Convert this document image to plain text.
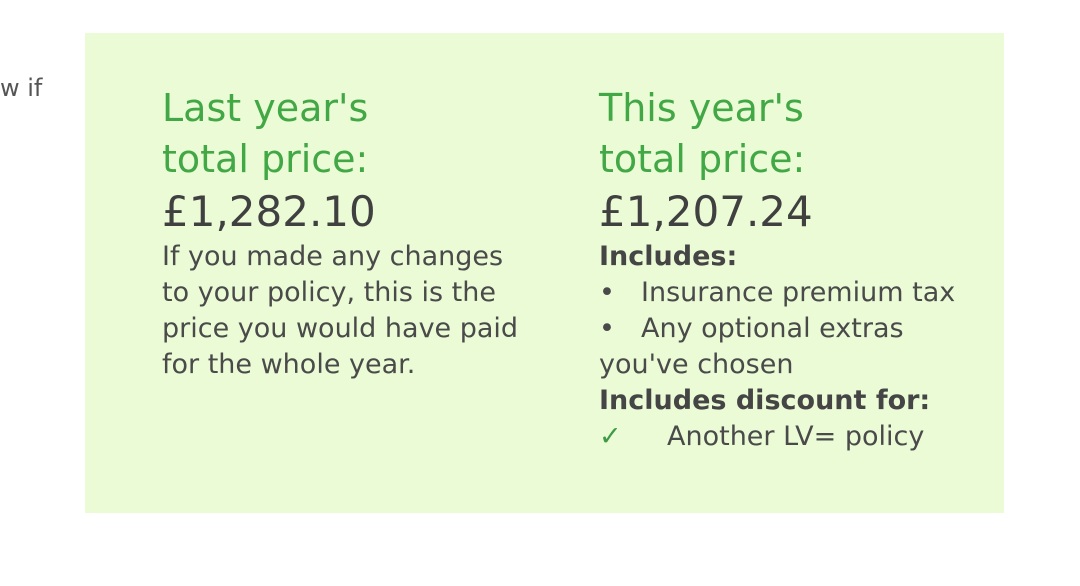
w if	Last year's

total price:

£1,282.10

If you made any changes

to your policy, this is the

price you would have paid

for the whole year.

This year's

total price:

£1,207.24

Includes:

• Insurance premium tax

• Any optional extras

you've chosen

Includes discount for:

✓ Another LV= policy
